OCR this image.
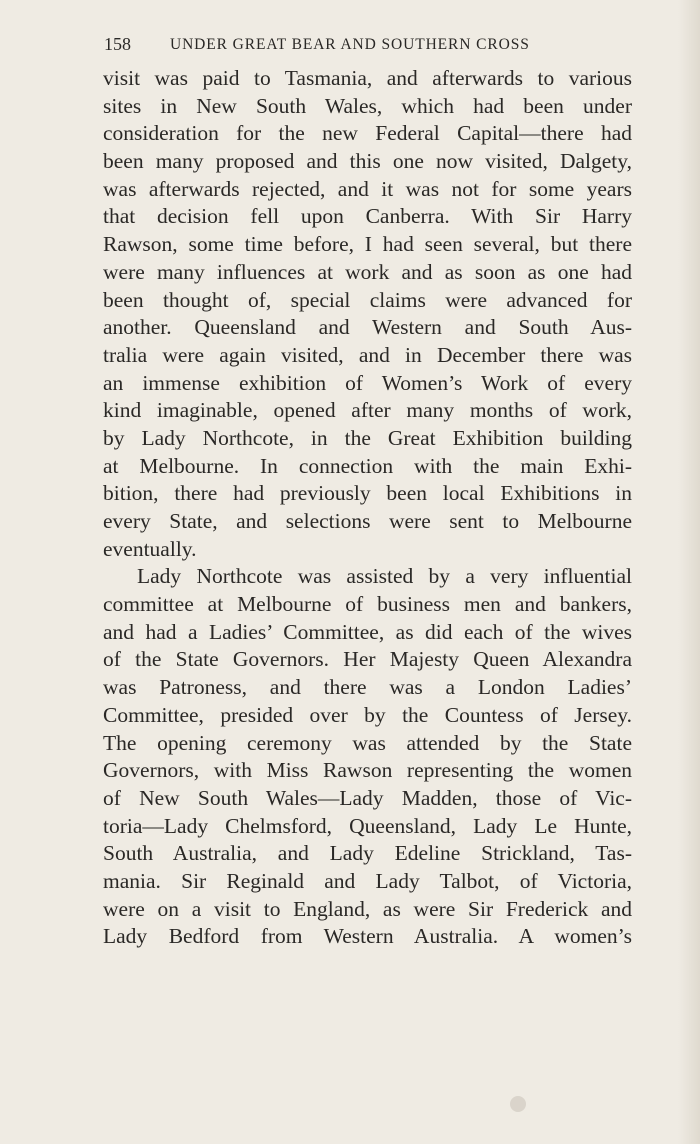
158	UNDER GREAT BEAR AND SOUTHERN CROSS
visit was paid to Tasmania, and afterwards to various
sites in New South Wales, which had been under
consideration for the new Federal Capital—there had
been many proposed and this one now visited, Dalgety,
was afterwards rejected, and it was not for some years
that decision fell upon Canberra. With Sir Harry
Rawson, some time before, I had seen several, but there
were many influences at work and as soon as one had
been thought of, special claims were advanced for
another. Queensland and Western and South Aus-
tralia were again visited, and in December there was
an immense exhibition of Women’s Work of every
kind imaginable, opened after many months of work,
by Lady Northcote, in the Great Exhibition building
at Melbourne. In connection with the main Exhi-
bition, there had previously been local Exhibitions in
every State, and selections were sent to Melbourne
eventually.
Lady Northcote was assisted by a very influential
committee at Melbourne of business men and bankers,
and had a Ladies’ Committee, as did each of the wives
of the State Governors. Her Majesty Queen Alexandra
was Patroness, and there was a London Ladies’
Committee, presided over by the Countess of Jersey.
The opening ceremony was attended by the State
Governors, with Miss Rawson representing the women
of New South Wales—Lady Madden, those of Vic-
toria—Lady Chelmsford, Queensland, Lady Le Hunte,
South Australia, and Lady Edeline Strickland, Tas-
mania. Sir Reginald and Lady Talbot, of Victoria,
were on a visit to England, as were Sir Frederick and
Lady Bedford from Western Australia. A women’s
